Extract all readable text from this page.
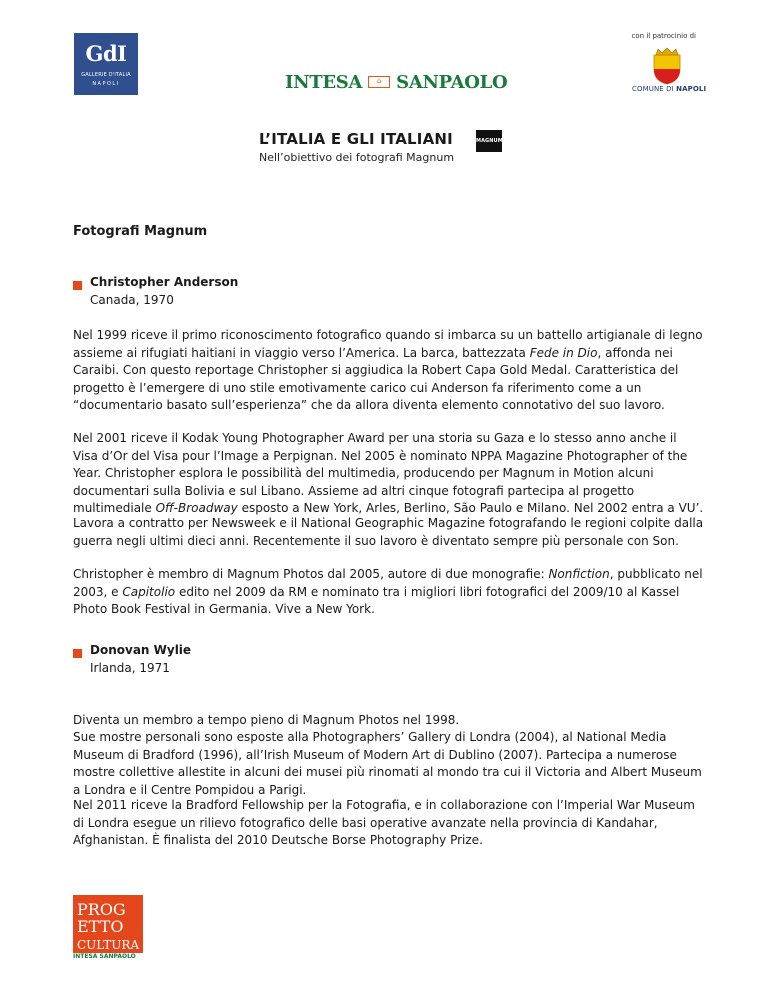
GdI
GALLERIE D'ITALIA
NAPOLI
con il patrocinio di
COMUNE DI NAPOLI
INTESA	⌂ SANPAOLO
L’ITALIA E GLI ITALIANI	MAGNUM
Nell’obiettivo dei fotografi Magnum
Fotografi Magnum
Christopher Anderson
Canada, 1970

Nel 1999 riceve il primo riconoscimento fotografico quando si imbarca su un battello artigianale di legno assieme ai rifugiati haitiani in viaggio verso l’America. La barca, battezzata Fede in Dio, affonda nei Caraibi. Con questo reportage Christopher si aggiudica la Robert Capa Gold Medal. Caratteristica del progetto è l’emergere di uno stile emotivamente carico cui Anderson fa riferimento come a un “documentario basato sull’esperienza” che da allora diventa elemento connotativo del suo lavoro.

Nel 2001 riceve il Kodak Young Photographer Award per una storia su Gaza e lo stesso anno anche il Visa d’Or del Visa pour l’Image a Perpignan. Nel 2005 è nominato NPPA Magazine Photographer of the Year. Christopher esplora le possibilità del multimedia, producendo per Magnum in Motion alcuni documentari sulla Bolivia e sul Libano. Assieme ad altri cinque fotografi partecipa al progetto multimediale Off-Broadway esposto a New York, Arles, Berlino, São Paulo e Milano. Nel 2002 entra a VU’.

Lavora a contratto per Newsweek e il National Geographic Magazine fotografando le regioni colpite dalla guerra negli ultimi dieci anni. Recentemente il suo lavoro è diventato sempre più personale con Son.

Christopher è membro di Magnum Photos dal 2005, autore di due monografie: Nonfiction, pubblicato nel 2003, e Capitolio edito nel 2009 da RM e nominato tra i migliori libri fotografici del 2009/10 al Kassel Photo Book Festival in Germania. Vive a New York.

Donovan Wylie
Irlanda, 1971

Diventa un membro a tempo pieno di Magnum Photos nel 1998.
Sue mostre personali sono esposte alla Photographers’ Gallery di Londra (2004), al National Media Museum di Bradford (1996), all’Irish Museum of Modern Art di Dublino (2007). Partecipa a numerose mostre collettive allestite in alcuni dei musei più rinomati al mondo tra cui il Victoria and Albert Museum a Londra e il Centre Pompidou a Parigi.

Nel 2011 riceve la Bradford Fellowship per la Fotografia, e in collaborazione con l’Imperial War Museum di Londra esegue un rilievo fotografico delle basi operative avanzate nella provincia di Kandahar, Afghanistan. È finalista del 2010 Deutsche Borse Photography Prize.

PROG
ETTO
CULTURA
INTESA SANPAOLO
